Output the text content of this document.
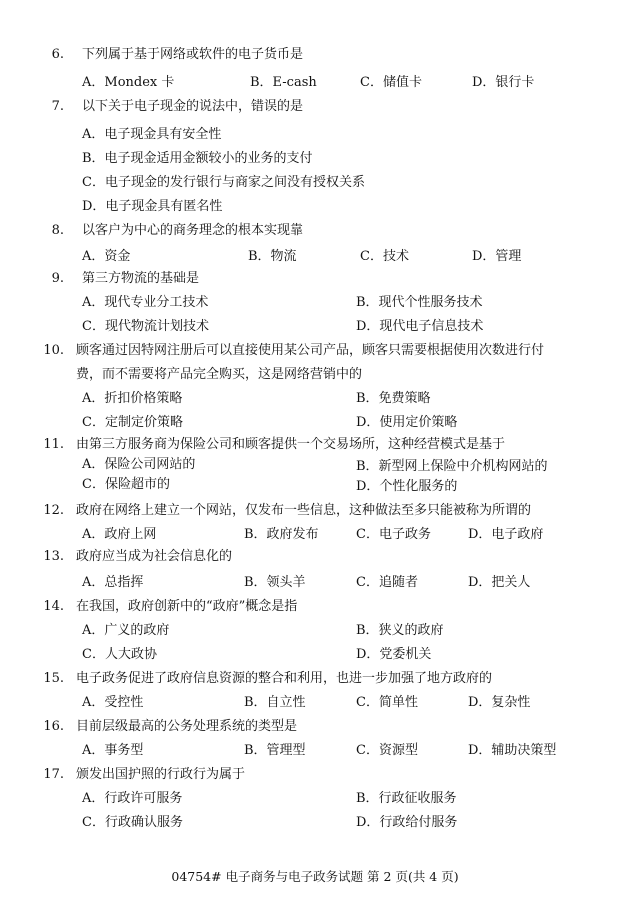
6. 下列属于基于网络或软件的电子货币是
A．Mondex 卡	B．E-cash	C．储值卡	D．银行卡
7. 以下关于电子现金的说法中，错误的是
A．电子现金具有安全性
B．电子现金适用金额较小的业务的支付
C．电子现金的发行银行与商家之间没有授权关系
D．电子现金具有匿名性
8. 以客户为中心的商务理念的根本实现靠
A．资金	B．物流	C．技术	D．管理
9. 第三方物流的基础是
A．现代专业分工技术	B．现代个性服务技术
C．现代物流计划技术	D．现代电子信息技术
10. 顾客通过因特网注册后可以直接使用某公司产品，顾客只需要根据使用次数进行付
费，而不需要将产品完全购买，这是网络营销中的
A．折扣价格策略	B．免费策略
C．定制定价策略	D．使用定价策略
11. 由第三方服务商为保险公司和顾客提供一个交易场所，这种经营模式是基于
A．保险公司网站的	B．新型网上保险中介机构网站的
C．保险超市的	D．个性化服务的
12. 政府在网络上建立一个网站，仅发布一些信息，这种做法至多只能被称为所谓的
A．政府上网	B．政府发布	C．电子政务	D．电子政府
13. 政府应当成为社会信息化的
A．总指挥	B．领头羊	C．追随者	D．把关人
14. 在我国，政府创新中的“政府”概念是指
A．广义的政府	B．狭义的政府
C．人大政协	D．党委机关
15. 电子政务促进了政府信息资源的整合和利用，也进一步加强了地方政府的
A．受控性	B．自立性	C．简单性	D．复杂性
16. 目前层级最高的公务处理系统的类型是
A．事务型	B．管理型	C．资源型	D．辅助决策型
17. 颁发出国护照的行政行为属于
A．行政许可服务	B．行政征收服务
C．行政确认服务	D．行政给付服务
04754# 电子商务与电子政务试题 第 2 页(共 4 页)
